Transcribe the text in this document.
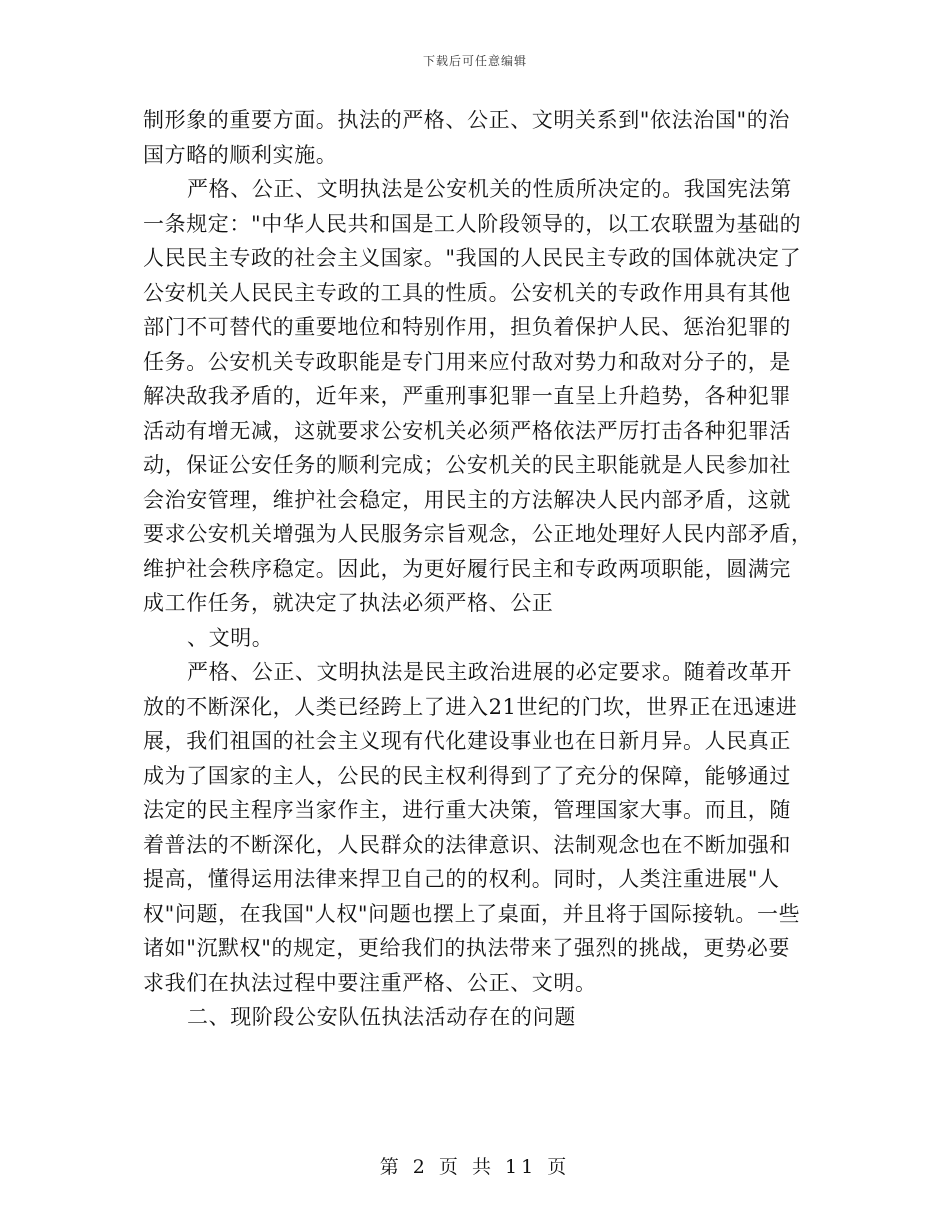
下载后可任意编辑
制形象的重要方面。执法的严格、公正、文明关系到"依法治国"的治
国方略的顺利实施。
严格、公正、文明执法是公安机关的性质所决定的。我国宪法第
一条规定："中华人民共和国是工人阶段领导的，以工农联盟为基础的
人民民主专政的社会主义国家。"我国的人民民主专政的国体就决定了
公安机关人民民主专政的工具的性质。公安机关的专政作用具有其他
部门不可替代的重要地位和特别作用，担负着保护人民、惩治犯罪的
任务。公安机关专政职能是专门用来应付敌对势力和敌对分子的，是
解决敌我矛盾的，近年来，严重刑事犯罪一直呈上升趋势，各种犯罪
活动有增无减，这就要求公安机关必须严格依法严厉打击各种犯罪活
动，保证公安任务的顺利完成；公安机关的民主职能就是人民参加社
会治安管理，维护社会稳定，用民主的方法解决人民内部矛盾，这就
要求公安机关增强为人民服务宗旨观念，公正地处理好人民内部矛盾，
维护社会秩序稳定。因此，为更好履行民主和专政两项职能，圆满完
成工作任务，就决定了执法必须严格、公正
、文明。
严格、公正、文明执法是民主政治进展的必定要求。随着改革开
放的不断深化，人类已经跨上了进入21世纪的门坎，世界正在迅速进
展，我们祖国的社会主义现有代化建设事业也在日新月异。人民真正
成为了国家的主人，公民的民主权利得到了了充分的保障，能够通过
法定的民主程序当家作主，进行重大决策，管理国家大事。而且，随
着普法的不断深化，人民群众的法律意识、法制观念也在不断加强和
提高，懂得运用法律来捍卫自己的的权利。同时，人类注重进展"人
权"问题，在我国"人权"问题也摆上了桌面，并且将于国际接轨。一些
诸如"沉默权"的规定，更给我们的执法带来了强烈的挑战，更势必要
求我们在执法过程中要注重严格、公正、文明。
二、现阶段公安队伍执法活动存在的问题
第 2 页 共 11 页
